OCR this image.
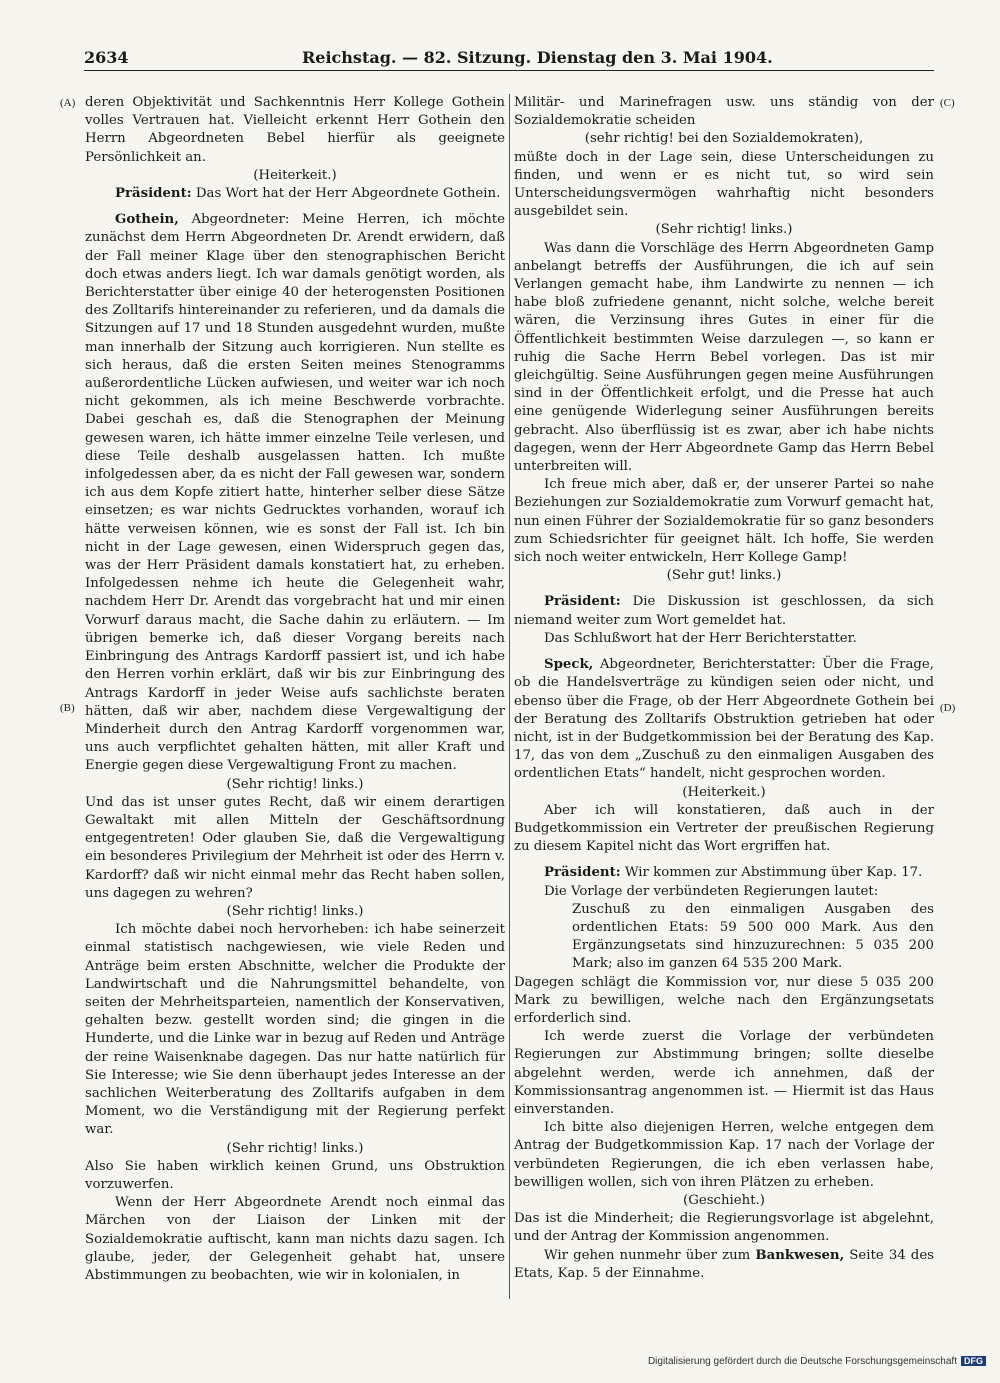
2634	Reichstag. — 82. Sitzung. Dienstag den 3. Mai 1904.
(A)
(B)
(C)
(D)

deren Objektivität und Sachkenntnis Herr Kollege Gothein volles Vertrauen hat. Vielleicht erkennt Herr Gothein den Herrn Abgeordneten Bebel hierfür als geeignete Persönlichkeit an.

(Heiterkeit.)

Präsident: Das Wort hat der Herr Abgeordnete Gothein.

Gothein, Abgeordneter: Meine Herren, ich möchte zunächst dem Herrn Abgeordneten Dr. Arendt erwidern, daß der Fall meiner Klage über den stenographischen Bericht doch etwas anders liegt. Ich war damals genötigt worden, als Berichterstatter über einige 40 der heterogensten Positionen des Zolltarifs hintereinander zu referieren, und da damals die Sitzungen auf 17 und 18 Stunden ausgedehnt wurden, mußte man innerhalb der Sitzung auch korrigieren. Nun stellte es sich heraus, daß die ersten Seiten meines Stenogramms außerordentliche Lücken aufwiesen, und weiter war ich noch nicht gekommen, als ich meine Beschwerde vorbrachte. Dabei geschah es, daß die Stenographen der Meinung gewesen waren, ich hätte immer einzelne Teile verlesen, und diese Teile deshalb ausgelassen hatten. Ich mußte infolgedessen aber, da es nicht der Fall gewesen war, sondern ich aus dem Kopfe zitiert hatte, hinterher selber diese Sätze einsetzen; es war nichts Gedrucktes vorhanden, worauf ich hätte verweisen können, wie es sonst der Fall ist. Ich bin nicht in der Lage gewesen, einen Widerspruch gegen das, was der Herr Präsident damals konstatiert hat, zu erheben. Infolgedessen nehme ich heute die Gelegenheit wahr, nachdem Herr Dr. Arendt das vorgebracht hat und mir einen Vorwurf daraus macht, die Sache dahin zu erläutern. — Im übrigen bemerke ich, daß dieser Vorgang bereits nach Einbringung des Antrags Kardorff passiert ist, und ich habe den Herren vorhin erklärt, daß wir bis zur Einbringung des Antrags Kardorff in jeder Weise aufs sachlichste beraten hätten, daß wir aber, nachdem diese Vergewaltigung der Minderheit durch den Antrag Kardorff vorgenommen war, uns auch verpflichtet gehalten hätten, mit aller Kraft und Energie gegen diese Vergewaltigung Front zu machen.

(Sehr richtig! links.)

Und das ist unser gutes Recht, daß wir einem derartigen Gewaltakt mit allen Mitteln der Geschäftsordnung entgegentreten! Oder glauben Sie, daß die Vergewaltigung ein besonderes Privilegium der Mehrheit ist oder des Herrn v. Kardorff? daß wir nicht einmal mehr das Recht haben sollen, uns dagegen zu wehren?

(Sehr richtig! links.)

Ich möchte dabei noch hervorheben: ich habe seinerzeit einmal statistisch nachgewiesen, wie viele Reden und Anträge beim ersten Abschnitte, welcher die Produkte der Landwirtschaft und die Nahrungsmittel behandelte, von seiten der Mehrheitsparteien, namentlich der Konservativen, gehalten bezw. gestellt worden sind; die gingen in die Hunderte, und die Linke war in bezug auf Reden und Anträge der reine Waisenknabe dagegen. Das nur hatte natürlich für Sie Interesse; wie Sie denn überhaupt jedes Interesse an der sachlichen Weiterberatung des Zolltarifs aufgaben in dem Moment, wo die Verständigung mit der Regierung perfekt war.

(Sehr richtig! links.)

Also Sie haben wirklich keinen Grund, uns Obstruktion vorzuwerfen.

Wenn der Herr Abgeordnete Arendt noch einmal das Märchen von der Liaison der Linken mit der Sozialdemokratie auftischt, kann man nichts dazu sagen. Ich glaube, jeder, der Gelegenheit gehabt hat, unsere Abstimmungen zu beobachten, wie wir in kolonialen, in

Militär- und Marinefragen usw. uns ständig von der Sozialdemokratie scheiden

(sehr richtig! bei den Sozialdemokraten),

müßte doch in der Lage sein, diese Unterscheidungen zu finden, und wenn er es nicht tut, so wird sein Unterscheidungsvermögen wahrhaftig nicht besonders ausgebildet sein.

(Sehr richtig! links.)

Was dann die Vorschläge des Herrn Abgeordneten Gamp anbelangt betreffs der Ausführungen, die ich auf sein Verlangen gemacht habe, ihm Landwirte zu nennen — ich habe bloß zufriedene genannt, nicht solche, welche bereit wären, die Verzinsung ihres Gutes in einer für die Öffentlichkeit bestimmten Weise darzulegen —, so kann er ruhig die Sache Herrn Bebel vorlegen. Das ist mir gleichgültig. Seine Ausführungen gegen meine Ausführungen sind in der Öffentlichkeit erfolgt, und die Presse hat auch eine genügende Widerlegung seiner Ausführungen bereits gebracht. Also überflüssig ist es zwar, aber ich habe nichts dagegen, wenn der Herr Abgeordnete Gamp das Herrn Bebel unterbreiten will.

Ich freue mich aber, daß er, der unserer Partei so nahe Beziehungen zur Sozialdemokratie zum Vorwurf gemacht hat, nun einen Führer der Sozialdemokratie für so ganz besonders zum Schiedsrichter für geeignet hält. Ich hoffe, Sie werden sich noch weiter entwickeln, Herr Kollege Gamp!

(Sehr gut! links.)

Präsident: Die Diskussion ist geschlossen, da sich niemand weiter zum Wort gemeldet hat.

Das Schlußwort hat der Herr Berichterstatter.

Speck, Abgeordneter, Berichterstatter: Über die Frage, ob die Handelsverträge zu kündigen seien oder nicht, und ebenso über die Frage, ob der Herr Abgeordnete Gothein bei der Beratung des Zolltarifs Obstruktion getrieben hat oder nicht, ist in der Budgetkommission bei der Beratung des Kap. 17, das von dem „Zuschuß zu den einmaligen Ausgaben des ordentlichen Etats“ handelt, nicht gesprochen worden.

(Heiterkeit.)

Aber ich will konstatieren, daß auch in der Budgetkommission ein Vertreter der preußischen Regierung zu diesem Kapitel nicht das Wort ergriffen hat.

Präsident: Wir kommen zur Abstimmung über Kap. 17.

Die Vorlage der verbündeten Regierungen lautet:

Zuschuß zu den einmaligen Ausgaben des ordentlichen Etats: 59 500 000 Mark. Aus den Ergänzungsetats sind hinzuzurechnen: 5 035 200 Mark; also im ganzen 64 535 200 Mark.

Dagegen schlägt die Kommission vor, nur diese 5 035 200 Mark zu bewilligen, welche nach den Ergänzungsetats erforderlich sind.

Ich werde zuerst die Vorlage der verbündeten Regierungen zur Abstimmung bringen; sollte dieselbe abgelehnt werden, werde ich annehmen, daß der Kommissionsantrag angenommen ist. — Hiermit ist das Haus einverstanden.

Ich bitte also diejenigen Herren, welche entgegen dem Antrag der Budgetkommission Kap. 17 nach der Vorlage der verbündeten Regierungen, die ich eben verlassen habe, bewilligen wollen, sich von ihren Plätzen zu erheben.

(Geschieht.)

Das ist die Minderheit; die Regierungsvorlage ist abgelehnt, und der Antrag der Kommission angenommen.

Wir gehen nunmehr über zum Bankwesen, Seite 34 des Etats, Kap. 5 der Einnahme.

Digitalisierung gefördert durch die Deutsche Forschungsgemeinschaft DFG
